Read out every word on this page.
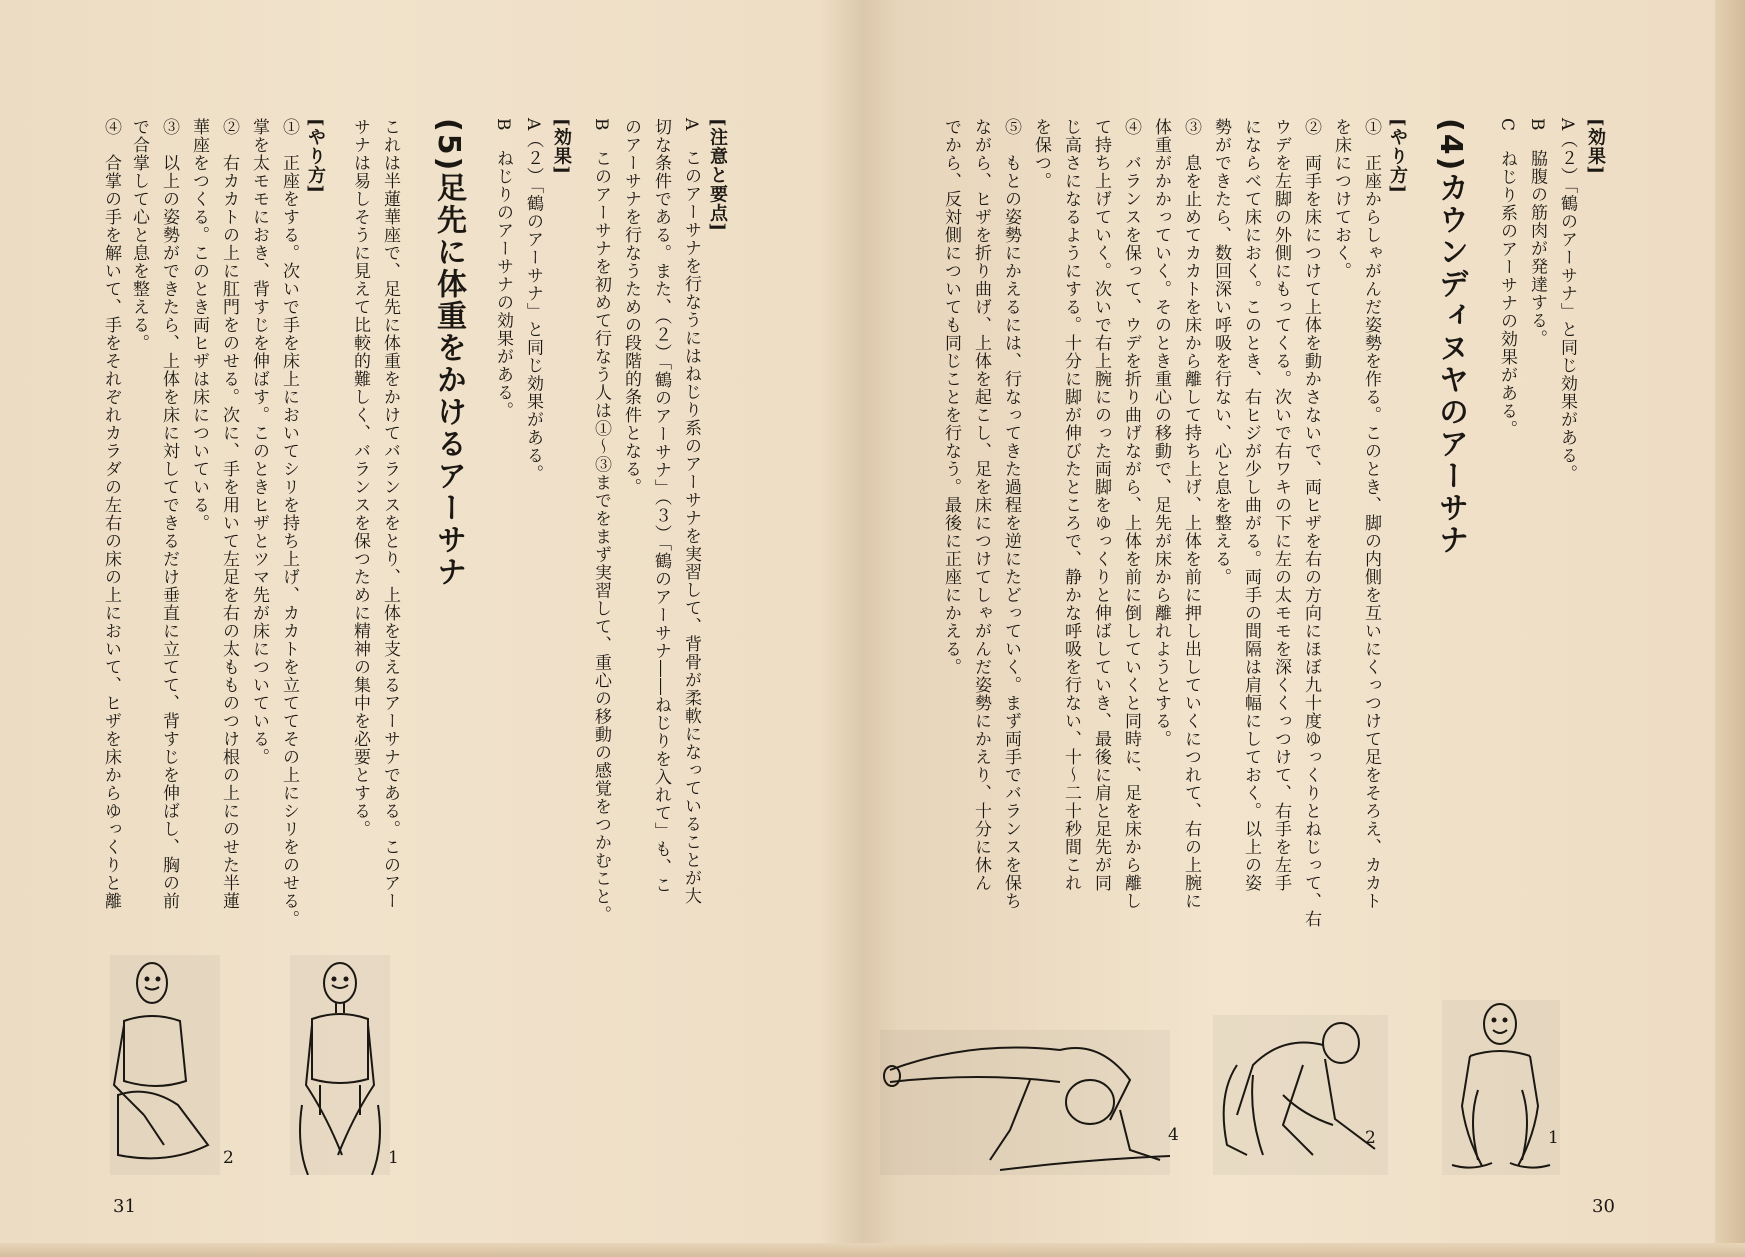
[注意と要点]
A　このアーサナを行なうにはねじり系のアーサナを実習して、背骨が柔軟になっていることが大
切な条件である。また、（２）「鶴のアーサナ」（３）「鶴のアーサナ――ねじりを入れて」も、こ
のアーサナを行なうための段階的条件となる。
B　このアーサナを初めて行なう人は①〜③までをまず実習して、重心の移動の感覚をつかむこと。
[効果]
A（２）「鶴のアーサナ」と同じ効果がある。
B　ねじりのアーサナの効果がある。
(5)足先に体重をかけるアーサナ
これは半蓮華座で、足先に体重をかけてバランスをとり、上体を支えるアーサナである。このアー
サナは易しそうに見えて比較的難しく、バランスを保つために精神の集中を必要とする。
[やり方]
①　正座をする。次いで手を床上においてシリを持ち上げ、カカトを立ててその上にシリをのせる。
掌を太モモにおき、背すじを伸ばす。このときヒザとツマ先が床についている。
②　右カカトの上に肛門をのせる。次に、手を用いて左足を右の太もものつけ根の上にのせた半蓮
華座をつくる。このとき両ヒザは床についている。
③　以上の姿勢ができたら、上体を床に対してできるだけ垂直に立てて、背すじを伸ばし、胸の前
で合掌して心と息を整える。
④　合掌の手を解いて、手をそれぞれカラダの左右の床の上において、ヒザを床からゆっくりと離
1
2
31
[効果]
A（２）「鶴のアーサナ」と同じ効果がある。
B　脇腹の筋肉が発達する。
C　ねじり系のアーサナの効果がある。
(4)カウンディヌヤのアーサナ
[やり方]
①　正座からしゃがんだ姿勢を作る。このとき、脚の内側を互いにくっつけて足をそろえ、カカト
を床につけておく。
②　両手を床につけて上体を動かさないで、両ヒザを右の方向にほぼ九十度ゆっくりとねじって、右
ウデを左脚の外側にもってくる。次いで右ワキの下に左の太モモを深くくっつけて、右手を左手
にならべて床におく。このとき、右ヒジが少し曲がる。両手の間隔は肩幅にしておく。以上の姿
勢ができたら、数回深い呼吸を行ない、心と息を整える。
③　息を止めてカカトを床から離して持ち上げ、上体を前に押し出していくにつれて、右の上腕に
体重がかかっていく。そのとき重心の移動で、足先が床から離れようとする。
④　バランスを保って、ウデを折り曲げながら、上体を前に倒していくと同時に、足を床から離し
て持ち上げていく。次いで右上腕にのった両脚をゆっくりと伸ばしていき、最後に肩と足先が同
じ高さになるようにする。十分に脚が伸びたところで、静かな呼吸を行ない、十〜二十秒間これ
を保つ。
⑤　もとの姿勢にかえるには、行なってきた過程を逆にたどっていく。まず両手でバランスを保ち
ながら、ヒザを折り曲げ、上体を起こし、足を床につけてしゃがんだ姿勢にかえり、十分に休ん
でから、反対側についても同じことを行なう。最後に正座にかえる。
1
2
4
30
